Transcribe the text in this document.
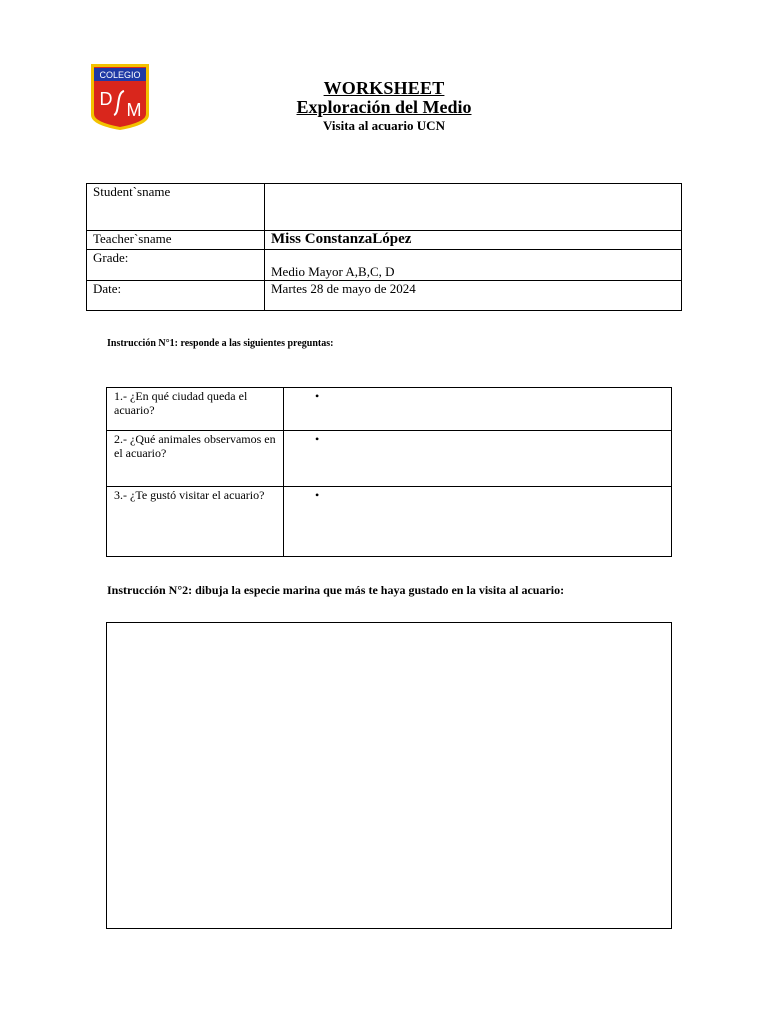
COLEGIO
D
M
WORKSHEET
Exploración del Medio
Visita al acuario UCN
Student`sname	
Teacher`sname	Miss ConstanzaLópez
Grade:	Medio Mayor A,B,C, D

Date:	Martes 28 de mayo de 2024
Instrucción N°1: responde a las siguientes preguntas:
1.- ¿En qué ciudad queda el acuario?	•
2.- ¿Qué animales observamos en el acuario?	•
3.- ¿Te gustó visitar el acuario?	•
Instrucción N°2: dibuja la especie marina que más te haya gustado en la visita al acuario:
